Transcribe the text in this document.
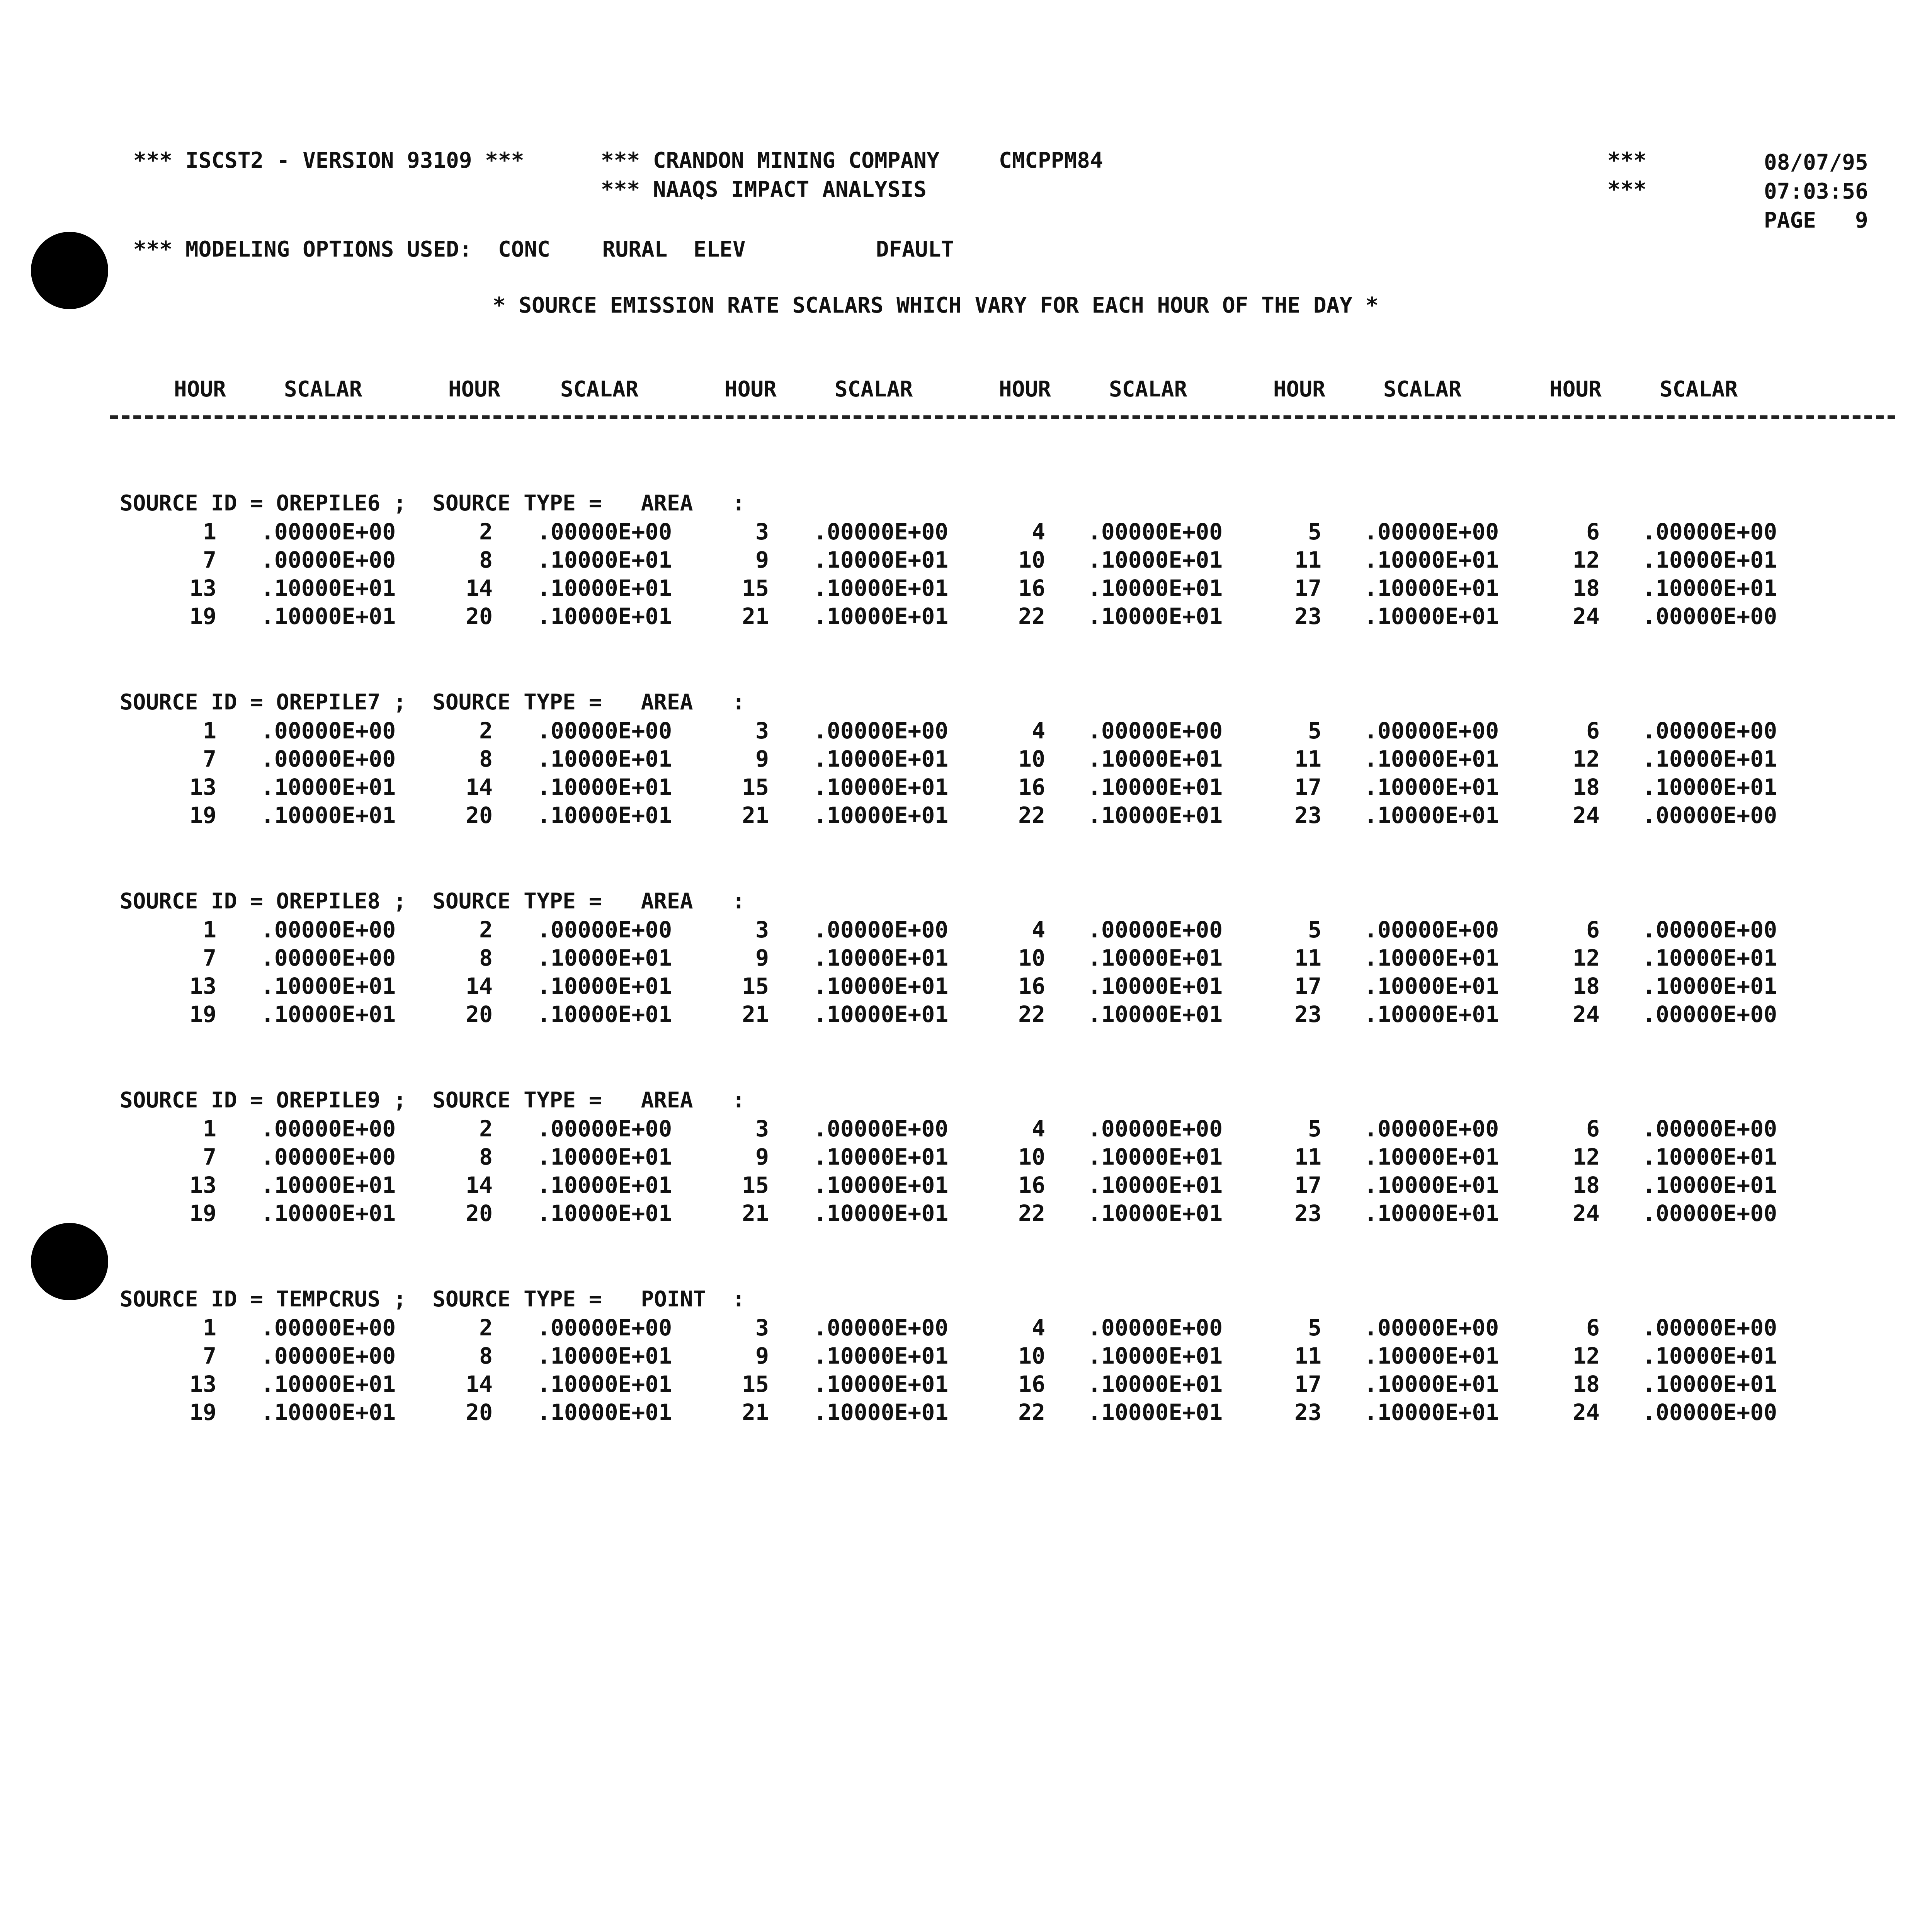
*** ISCST2 - VERSION 93109 ***	*** CRANDON MINING COMPANY	CMCPPM84
*** NAAQS IMPACT ANALYSIS
***
***
08/07/95
07:03:56
PAGE   9
*** MODELING OPTIONS USED:  CONC    RURAL  ELEV          DFAULT
* SOURCE EMISSION RATE SCALARS WHICH VARY FOR EACH HOUR OF THE DAY *
HOUR	SCALAR	HOUR	SCALAR	HOUR	SCALAR	HOUR	SCALAR	HOUR	SCALAR	HOUR	SCALAR
SOURCE ID = OREPILE6 ;  SOURCE TYPE =   AREA   :
1 .00000E+00	2 .00000E+00	3 .00000E+00	4 .00000E+00	5 .00000E+00	6 .00000E+00
7 .00000E+00	8 .10000E+01	9 .10000E+01	10 .10000E+01	11 .10000E+01	12 .10000E+01
13 .10000E+01	14 .10000E+01	15 .10000E+01	16 .10000E+01	17 .10000E+01	18 .10000E+01
19 .10000E+01	20 .10000E+01	21 .10000E+01	22 .10000E+01	23 .10000E+01	24 .00000E+00
SOURCE ID = OREPILE7 ;  SOURCE TYPE =   AREA   :
1 .00000E+00	2 .00000E+00	3 .00000E+00	4 .00000E+00	5 .00000E+00	6 .00000E+00
7 .00000E+00	8 .10000E+01	9 .10000E+01	10 .10000E+01	11 .10000E+01	12 .10000E+01
13 .10000E+01	14 .10000E+01	15 .10000E+01	16 .10000E+01	17 .10000E+01	18 .10000E+01
19 .10000E+01	20 .10000E+01	21 .10000E+01	22 .10000E+01	23 .10000E+01	24 .00000E+00
SOURCE ID = OREPILE8 ;  SOURCE TYPE =   AREA   :
1 .00000E+00	2 .00000E+00	3 .00000E+00	4 .00000E+00	5 .00000E+00	6 .00000E+00
7 .00000E+00	8 .10000E+01	9 .10000E+01	10 .10000E+01	11 .10000E+01	12 .10000E+01
13 .10000E+01	14 .10000E+01	15 .10000E+01	16 .10000E+01	17 .10000E+01	18 .10000E+01
19 .10000E+01	20 .10000E+01	21 .10000E+01	22 .10000E+01	23 .10000E+01	24 .00000E+00
SOURCE ID = OREPILE9 ;  SOURCE TYPE =   AREA   :
1 .00000E+00	2 .00000E+00	3 .00000E+00	4 .00000E+00	5 .00000E+00	6 .00000E+00
7 .00000E+00	8 .10000E+01	9 .10000E+01	10 .10000E+01	11 .10000E+01	12 .10000E+01
13 .10000E+01	14 .10000E+01	15 .10000E+01	16 .10000E+01	17 .10000E+01	18 .10000E+01
19 .10000E+01	20 .10000E+01	21 .10000E+01	22 .10000E+01	23 .10000E+01	24 .00000E+00
SOURCE ID = TEMPCRUS ;  SOURCE TYPE =   POINT  :
1 .00000E+00	2 .00000E+00	3 .00000E+00	4 .00000E+00	5 .00000E+00	6 .00000E+00
7 .00000E+00	8 .10000E+01	9 .10000E+01	10 .10000E+01	11 .10000E+01	12 .10000E+01
13 .10000E+01	14 .10000E+01	15 .10000E+01	16 .10000E+01	17 .10000E+01	18 .10000E+01
19 .10000E+01	20 .10000E+01	21 .10000E+01	22 .10000E+01	23 .10000E+01	24 .00000E+00
